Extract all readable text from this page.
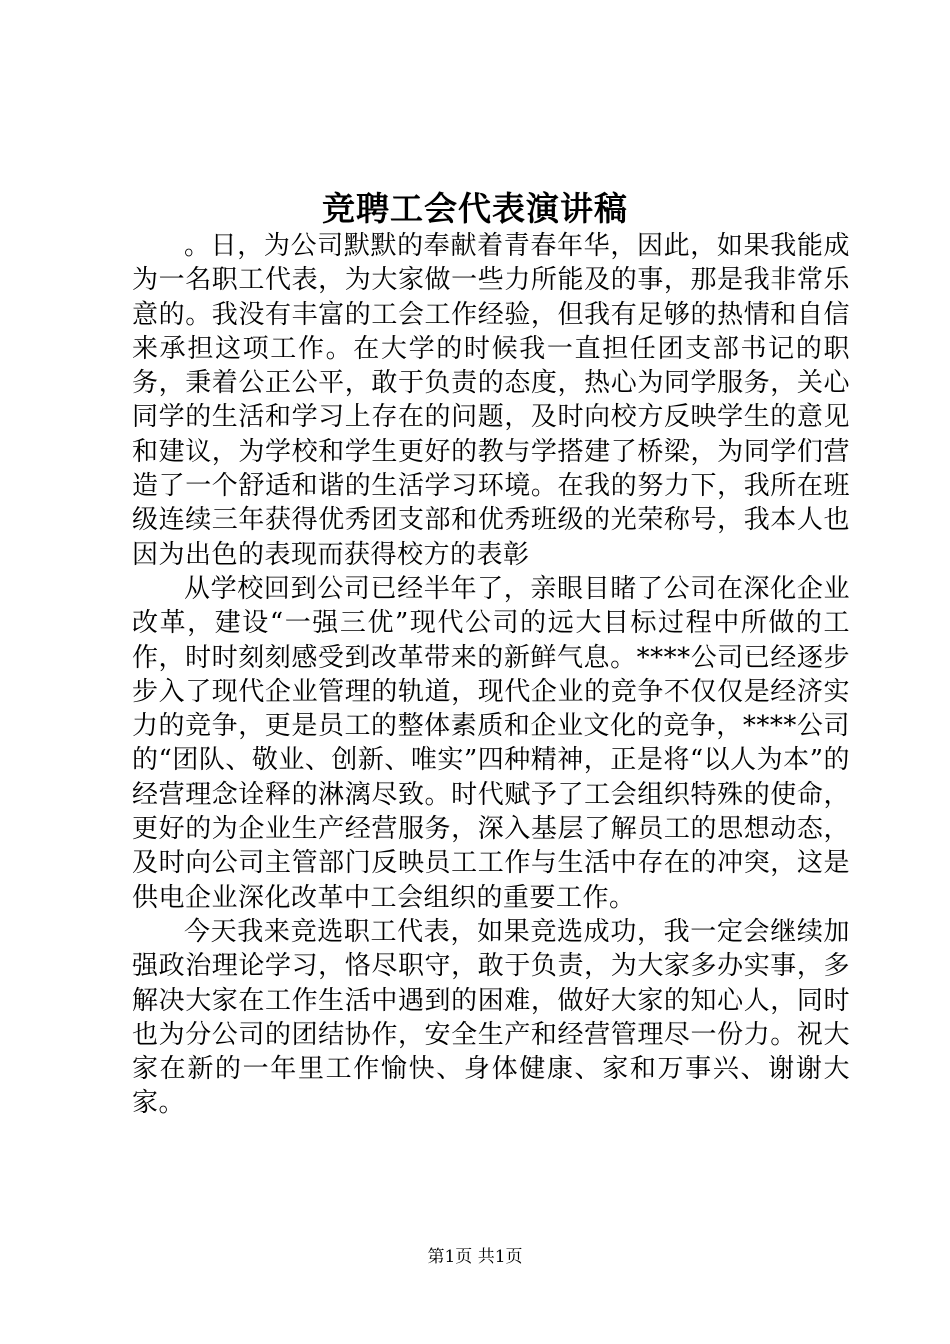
竞聘工会代表演讲稿

。日，为公司默默的奉献着青春年华，因此，如果我能成为一名职工代表，为大家做一些力所能及的事，那是我非常乐意的。我没有丰富的工会工作经验，但我有足够的热情和自信来承担这项工作。在大学的时候我一直担任团支部书记的职务，秉着公正公平，敢于负责的态度，热心为同学服务，关心同学的生活和学习上存在的问题，及时向校方反映学生的意见和建议，为学校和学生更好的教与学搭建了桥梁，为同学们营造了一个舒适和谐的生活学习环境。在我的努力下，我所在班级连续三年获得优秀团支部和优秀班级的光荣称号，我本人也因为出色的表现而获得校方的表彰

从学校回到公司已经半年了，亲眼目睹了公司在深化企业改革，建设“一强三优”现代公司的远大目标过程中所做的工作，时时刻刻感受到改革带来的新鲜气息。****公司已经逐步步入了现代企业管理的轨道，现代企业的竞争不仅仅是经济实力的竞争，更是员工的整体素质和企业文化的竞争，****公司的“团队、敬业、创新、唯实”四种精神，正是将“以人为本”的经营理念诠释的淋漓尽致。时代赋予了工会组织特殊的使命，更好的为企业生产经营服务，深入基层了解员工的思想动态，及时向公司主管部门反映员工工作与生活中存在的冲突，这是供电企业深化改革中工会组织的重要工作。

今天我来竞选职工代表，如果竞选成功，我一定会继续加强政治理论学习，恪尽职守，敢于负责，为大家多办实事，多解决大家在工作生活中遇到的困难，做好大家的知心人，同时也为分公司的团结协作，安全生产和经营管理尽一份力。祝大家在新的一年里工作愉快、身体健康、家和万事兴、谢谢大家。

第1页 共1页
